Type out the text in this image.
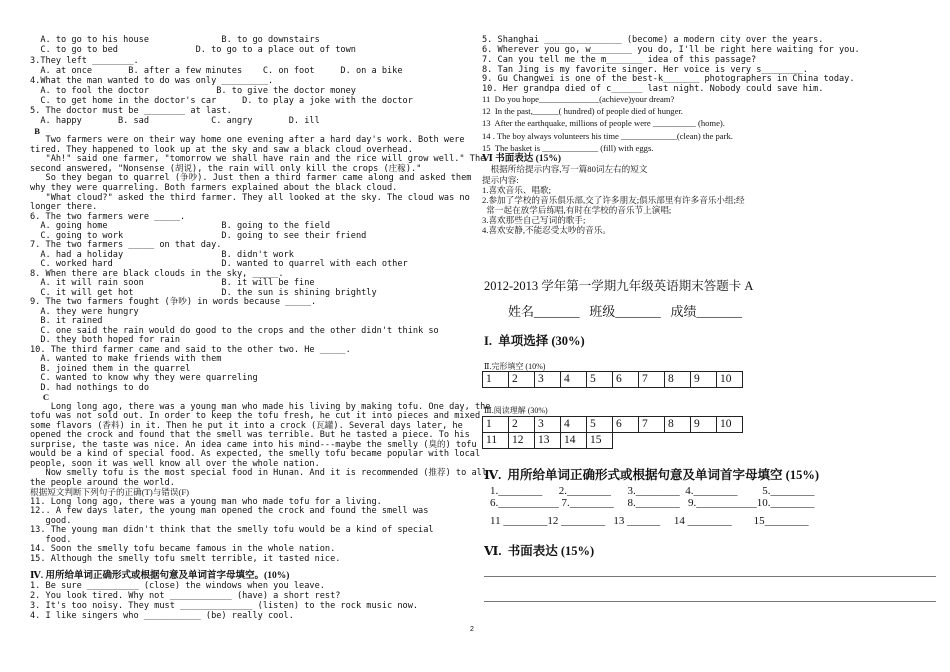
A. to go to his house              B. to go downstairs
C. to go to bed               D. to go to a place out of town
3.They left ________.
A. at once       B. after a few minutes    C. on foot     D. on a bike
4.What the man wanted to do was only _________.
A. to fool the doctor             B. to give the doctor money
C. to get home in the doctor's car     D. to play a joke with the doctor
5. The doctor must be ________ at last.
A. happy       B. sad            C. angry       D. ill
B
Two farmers were on their way home one evening after a hard day's work. Both were
tired. They happened to look up at the sky and saw a black cloud overhead.
"Ah!" said one farmer, "tomorrow we shall have rain and the rice will grow well." The
second answered, "Nonsense (胡说), the rain will only kill the crops (庄稼)."
So they began to quarrel (争吵). Just then a third farmer came along and asked them
why they were quarreling. Both farmers explained about the black cloud.
"What cloud?" asked the third farmer. They all looked at the sky. The cloud was no
longer there.
6. The two farmers were _____.
A. going home                      B. going to the field
C. going to work                   D. going to see their friend
7. The two farmers _____ on that day.
A. had a holiday                   B. didn't work
C. worked hard                     D. wanted to quarrel with each other
8. When there are black clouds in the sky, _____.
A. it will rain soon               B. it will be fine
C. it will get hot                 D. the sun is shining brightly
9. The two farmers fought (争吵) in words because _____.
A. they were hungry
B. it rained
C. one said the rain would do good to the crops and the other didn't think so
D. they both hoped for rain
10. The third farmer came and said to the other two. He _____.
A. wanted to make friends with them
B. joined them in the quarrel
C. wanted to know why they were quarreling
D. had nothings to do
C
Long long ago, there was a young man who made his living by making tofu. One day, the
tofu was not sold out. In order to keep the tofu fresh, he cut it into pieces and mixed
some flavors (香料) in it. Then he put it into a crock (瓦罐). Several days later, he
opened the crock and found that the smell was terrible. But he tasted a piece. To his
surprise, the taste was nice. An idea came into his mind---maybe the smelly (臭的) tofu
would be a kind of special food. As expected, the smelly tofu became popular with local
people, soon it was well know all over the whole nation.
Now smelly tofu is the most special food in Hunan. And it is recommended (推荐) to all
the people around the world.
根据短文判断下列句子的正确(T)与错误(F)
11. Long long ago, there was a young man who made tofu for a living.
12.. A few days later, the young man opened the crock and found the smell was
good.
13. The young man didn't think that the smelly tofu would be a kind of special
food.
14. Soon the smelly tofu became famous in the whole nation.
15. Although the smelly tofu smelt terrible, it tasted nice.
Ⅳ. 用所给单词正确形式或根据句意及单词首字母填空。(10%)
1. Be sure __________ (close) the windows when you leave.
2. You look tired. Why not ____________ (have) a short rest?
3. It's too noisy. They must ______________ (listen) to the rock music now.
4. I like singers who ___________ (be) really cool.
2012-2013 学年第一学期九年级英语期末答题卡 A
姓名_______   班级_______   成绩_______
I.  单项选择 (30%)
Ⅱ.完形填空 (10%)
1	2	3	4	5	6	7	8	9	10
Ⅲ.阅读理解 (30%)
1	2	3	4	5	6	7	8	9	10
11	12	13	14	15					
Ⅳ.  用所给单词正确形式或根据句意及单词首字母填空 (15%)
1.________      2.________      3.________  4.________         5.________
6.___________ 7.________     8.________   9.___________10.________
11 ________12 ________   13 ______     14 ________        15________
Ⅵ.  书面表达 (15%)
5. Shanghai _______________ (become) a modern city over the years.
6. Wherever you go, w________ you do, I'll be right here waiting for you.
7. Can you tell me the m_______ idea of this passage?
8. Tan Jing is my favorite singer. Her voice is very s________.
9. Gu Changwei is one of the best-k_______ photographers in China today.
10. Her grandpa died of c______ last night. Nobody could save him.
11  Do you hope______________(achieve)your dream?
12  In the past,______( hundred) of people died of hunger.
13  After the earthquake, millions of people were __________ (home).
14 . The boy always volunteers his time _____________(clean) the park.
15  The basket is _____________ (fill) with eggs.
Ⅵ 书面表达 (15%)
根据所给提示内容,写一篇80词左右的短文
提示内容:
1.喜欢音乐、唱歌;
2.参加了学校的音乐俱乐部,交了许多朋友;俱乐部里有许多音乐小组;经
常一起在放学后练唱,有时在学校的音乐节上演唱;
3.喜欢那些自己写词的歌手;
4.喜欢安静,不能忍受太吵的音乐。
2
